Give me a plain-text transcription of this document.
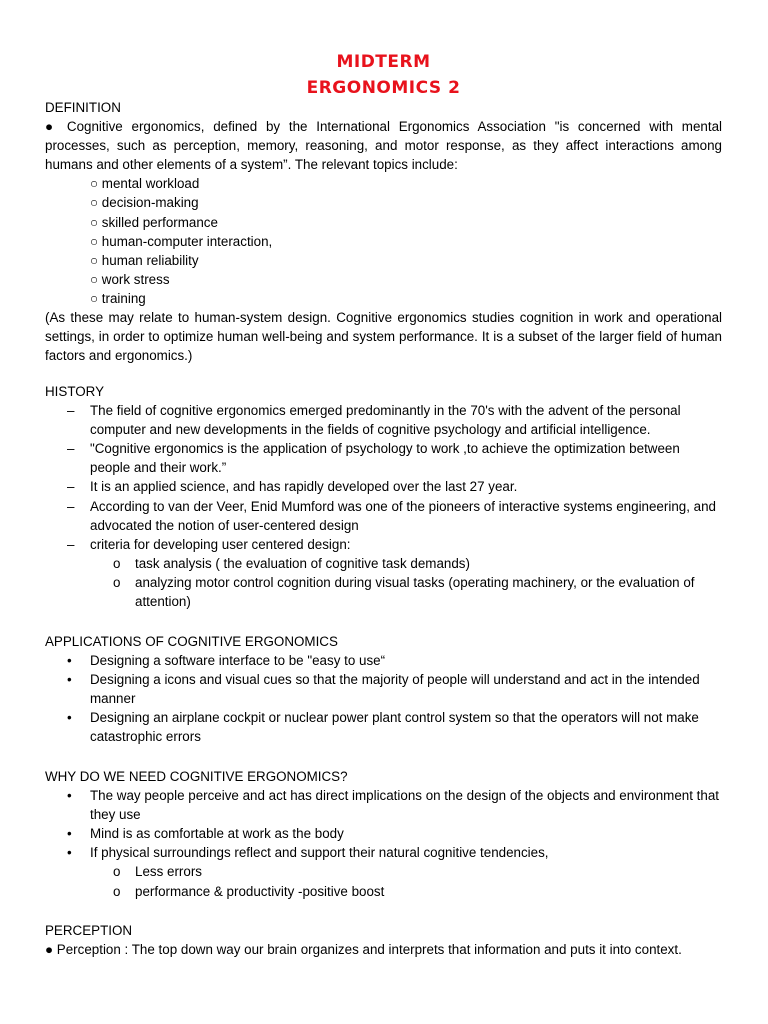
MIDTERM
ERGONOMICS 2
DEFINITION
● Cognitive ergonomics, defined by the International Ergonomics Association "is concerned with mental processes, such as perception, memory, reasoning, and motor response, as they affect interactions among humans and other elements of a system”. The relevant topics include:
○ mental workload
○ decision-making
○ skilled performance
○ human-computer interaction,
○ human reliability
○ work stress
○ training
(As these may relate to human-system design. Cognitive ergonomics studies cognition in work and operational settings, in order to optimize human well-being and system performance. It is a subset of the larger field of human factors and ergonomics.)
HISTORY
–	The field of cognitive ergonomics emerged predominantly in the 70's with the advent of the personal computer and new developments in the fields of cognitive psychology and artificial intelligence.
–	"Cognitive ergonomics is the application of psychology to work ,to achieve the optimization between people and their work.”
–	It is an applied science, and has rapidly developed over the last 27 year.
–	According to van der Veer, Enid Mumford was one of the pioneers of interactive systems engineering, and advocated the notion of user-centered design
–	criteria for developing user centered design:
o	task analysis ( the evaluation of cognitive task demands)
o	analyzing motor control cognition during visual tasks (operating machinery, or the evaluation of attention)
APPLICATIONS OF COGNITIVE ERGONOMICS
•	Designing a software interface to be "easy to use“
•	Designing a icons and visual cues so that the majority of people will understand and act in the intended manner
•	Designing an airplane cockpit or nuclear power plant control system so that the operators will not make catastrophic errors
WHY DO WE NEED COGNITIVE ERGONOMICS?
•	The way people perceive and act has direct implications on the design of the objects and environment that they use
•	Mind is as comfortable at work as the body
•	If physical surroundings reflect and support their natural cognitive tendencies,
o	Less errors
o	performance & productivity -positive boost
PERCEPTION
● Perception : The top down way our brain organizes and interprets that information and puts it into context.
